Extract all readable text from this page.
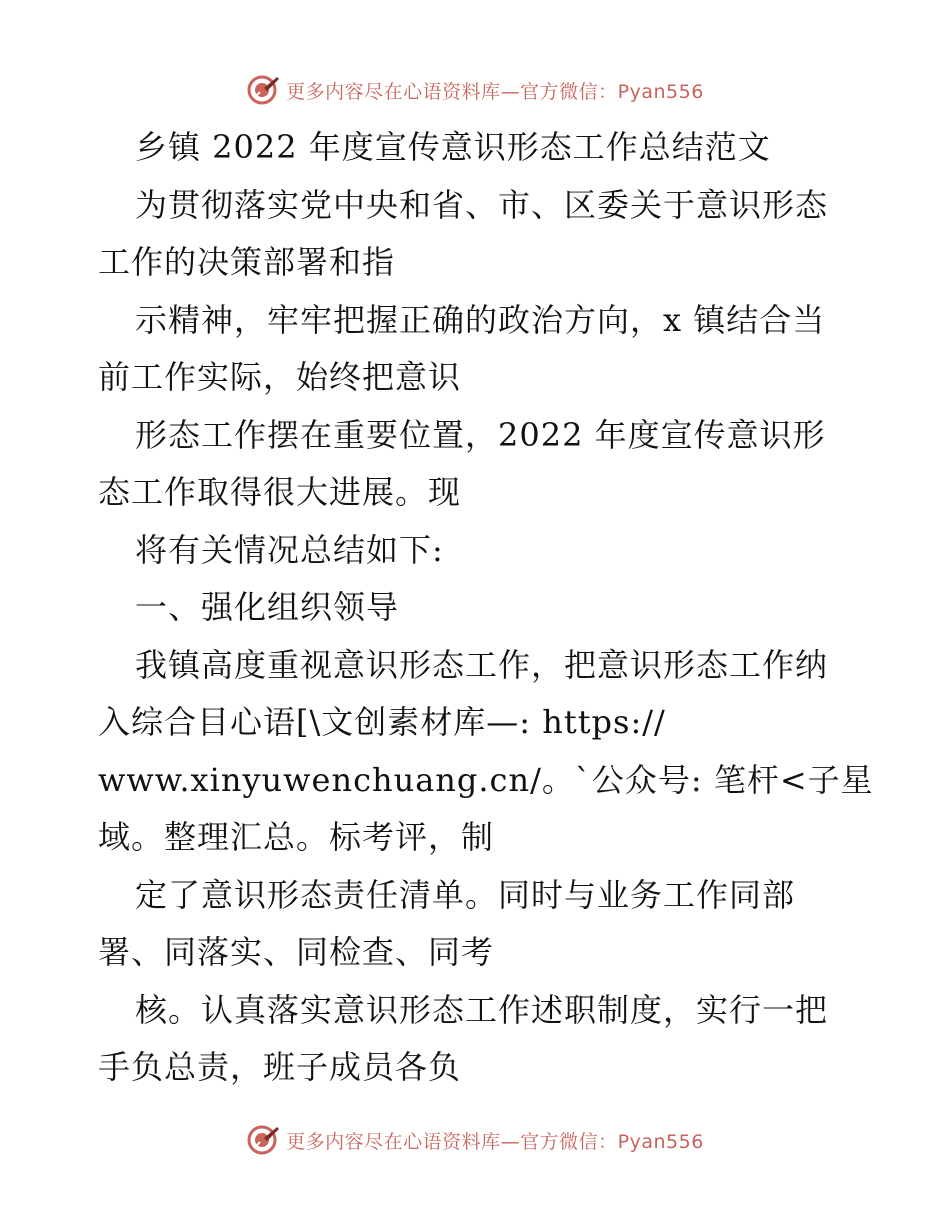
更多内容尽在心语资料库—官方微信：Pyan556
乡镇 2022 年度宣传意识形态工作总结范文
为贯彻落实党中央和省、市、区委关于意识形态
工作的决策部署和指
示精神，牢牢把握正确的政治方向，x 镇结合当
前工作实际，始终把意识
形态工作摆在重要位置，2022 年度宣传意识形
态工作取得很大进展。现
将有关情况总结如下:
一、强化组织领导
我镇高度重视意识形态工作，把意识形态工作纳
入综合目心语[\文创素材库—: https://
www.xinyuwenchuang.cn/。`公众号: 笔杆<子星
域。整理汇总。标考评，制
定了意识形态责任清单。同时与业务工作同部
署、同落实、同检查、同考
核。认真落实意识形态工作述职制度，实行一把
手负总责，班子成员各负
更多内容尽在心语资料库—官方微信：Pyan556
